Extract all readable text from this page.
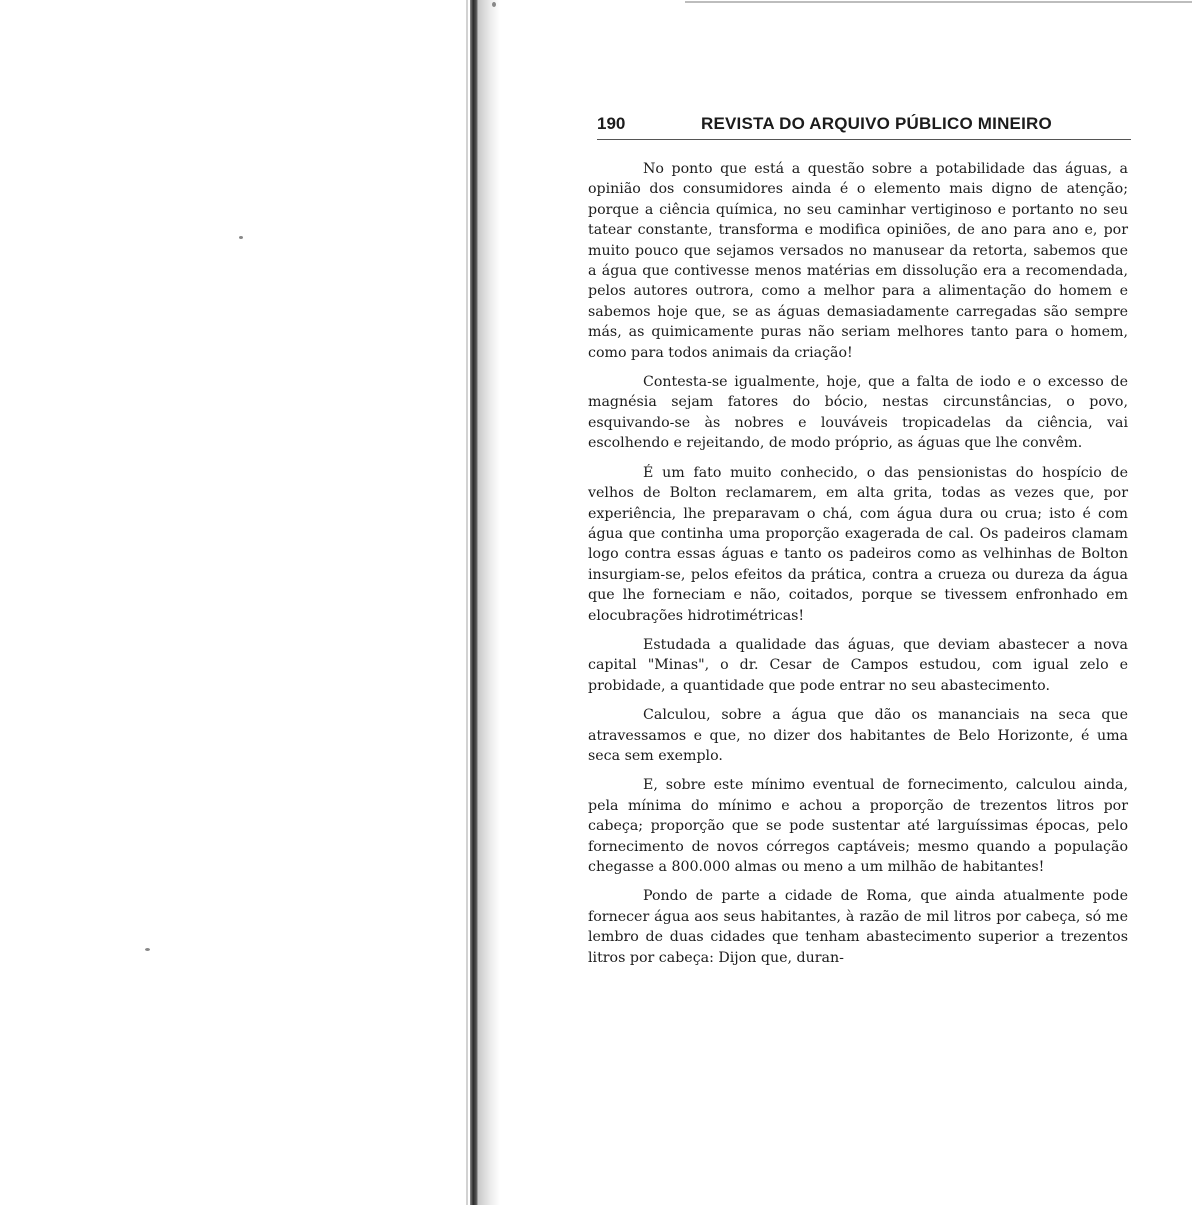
190	REVISTA DO ARQUIVO PÚBLICO MINEIRO

No ponto que está a questão sobre a potabilidade das águas, a opinião dos consumidores ainda é o elemento mais digno de atenção; porque a ciência química, no seu caminhar vertiginoso e portanto no seu tatear constante, transforma e modifica opiniões, de ano para ano e, por muito pouco que sejamos versados no manusear da retorta, sabemos que a água que contivesse menos matérias em dissolução era a recomendada, pelos autores outrora, como a melhor para a alimentação do homem e sabemos hoje que, se as águas demasiadamente carregadas são sempre más, as quimicamente puras não seriam melhores tanto para o homem, como para todos animais da criação!

Contesta-se igualmente, hoje, que a falta de iodo e o excesso de magnésia sejam fatores do bócio, nestas circunstâncias, o povo, esquivando-se às nobres e louváveis tropicadelas da ciência, vai escolhendo e rejeitando, de modo próprio, as águas que lhe convêm.

É um fato muito conhecido, o das pensionistas do hospício de velhos de Bolton reclamarem, em alta grita, todas as vezes que, por experiência, lhe preparavam o chá, com água dura ou crua; isto é com água que continha uma proporção exagerada de cal. Os padeiros clamam logo contra essas águas e tanto os padeiros como as velhinhas de Bolton insurgiam-se, pelos efeitos da prática, contra a crueza ou dureza da água que lhe forneciam e não, coitados, porque se tivessem enfronhado em elocubrações hidrotimétricas!

Estudada a qualidade das águas, que deviam abastecer a nova capital "Minas", o dr. Cesar de Campos estudou, com igual zelo e probidade, a quantidade que pode entrar no seu abastecimento.

Calculou, sobre a água que dão os mananciais na seca que atravessamos e que, no dizer dos habitantes de Belo Horizonte, é uma seca sem exemplo.

E, sobre este mínimo eventual de fornecimento, calculou ainda, pela mínima do mínimo e achou a proporção de trezentos litros por cabeça; proporção que se pode sustentar até larguíssimas épocas, pelo fornecimento de novos córregos captáveis; mesmo quando a população chegasse a 800.000 almas ou meno a um milhão de habitantes!

Pondo de parte a cidade de Roma, que ainda atualmente pode fornecer água aos seus habitantes, à razão de mil litros por cabeça, só me lembro de duas cidades que tenham abastecimento superior a trezentos litros por cabeça: Dijon que, duran-
